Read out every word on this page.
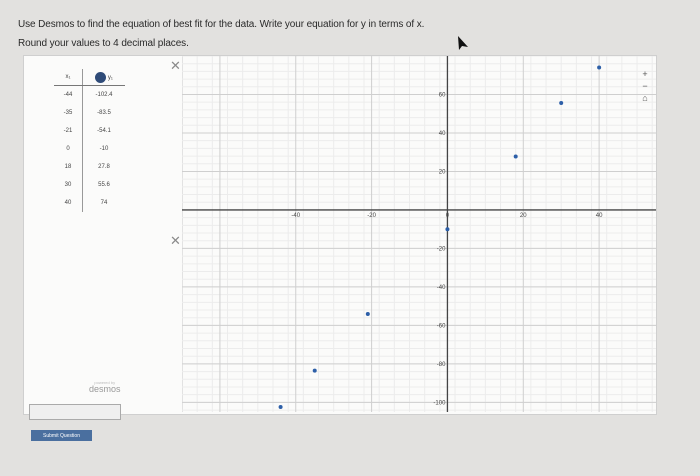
Use Desmos to find the equation of best fit for the data. Write your equation for y in terms of x.
Round your values to 4 decimal places.
✕
x₁	y₁
-44	-102.4
-35	-83.5
-21	-54.1
0	-10
18	27.8
30	55.6
40	74
✕
powered by
desmos
-40	-20	0	20	40
60
40
20
-20
-40
-60
-80
-100
+
−
⌂
Submit Question
